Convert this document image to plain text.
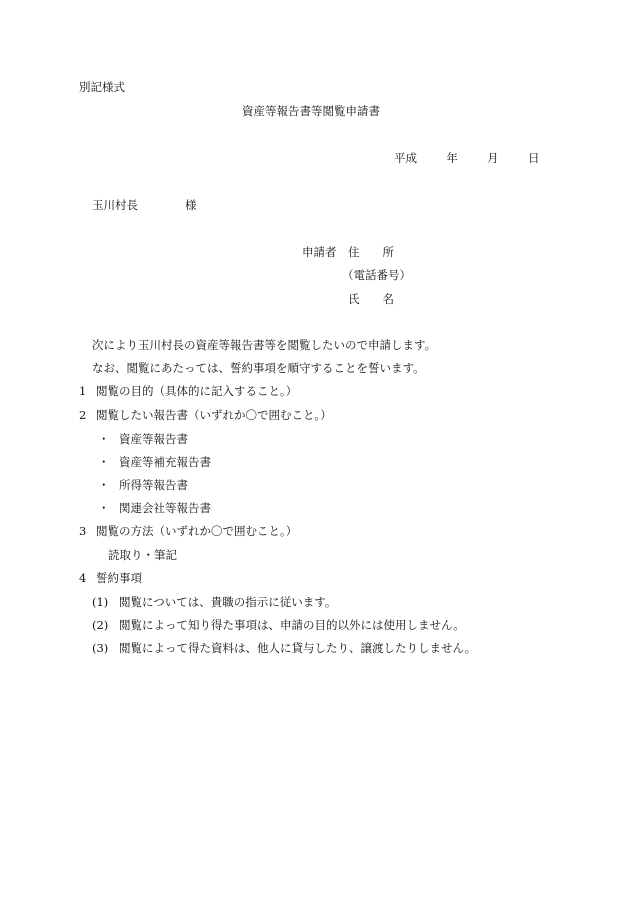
別記様式
資産等報告書等閲覧申請書
平成	年	月	日
玉川村長	様
申請者 住　　所
（電話番号）
氏　　名
次により玉川村長の資産等報告書等を閲覧したいので申請します。
なお、閲覧にあたっては、誓約事項を順守することを誓います。
1 閲覧の目的（具体的に記入すること。）
2 閲覧したい報告書（いずれか〇で囲むこと。）
・ 資産等報告書
・ 資産等補充報告書
・ 所得等報告書
・ 関連会社等報告書
3 閲覧の方法（いずれか〇で囲むこと。）
読取り・筆記
4 誓約事項
(1) 閲覧については、貴職の指示に従います。
(2) 閲覧によって知り得た事項は、申請の目的以外には使用しません。
(3) 閲覧によって得た資料は、他人に貸与したり、譲渡したりしません。
